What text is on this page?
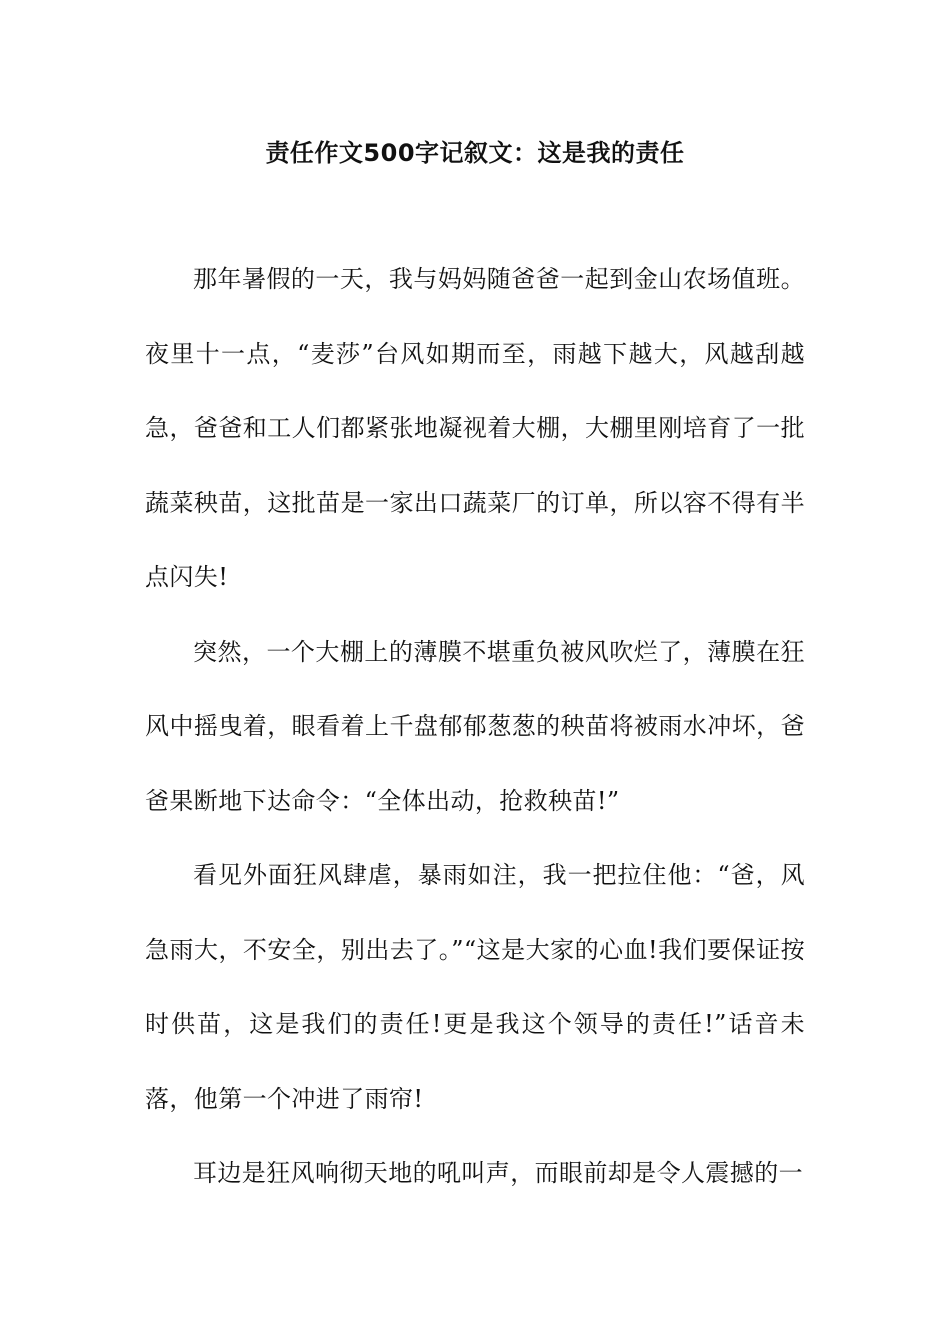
责任作文500字记叙文：这是我的责任

那年暑假的一天，我与妈妈随爸爸一起到金山农场值班。夜里十一点，“麦莎”台风如期而至，雨越下越大，风越刮越急，爸爸和工人们都紧张地凝视着大棚，大棚里刚培育了一批蔬菜秧苗，这批苗是一家出口蔬菜厂的订单，所以容不得有半点闪失!

突然，一个大棚上的薄膜不堪重负被风吹烂了，薄膜在狂风中摇曳着，眼看着上千盘郁郁葱葱的秧苗将被雨水冲坏，爸爸果断地下达命令：“全体出动，抢救秧苗!”

看见外面狂风肆虐，暴雨如注，我一把拉住他：“爸，风急雨大，不安全，别出去了。”“这是大家的心血!我们要保证按时供苗，这是我们的责任!更是我这个领导的责任!”话音未落，他第一个冲进了雨帘!

耳边是狂风响彻天地的吼叫声，而眼前却是令人震撼的一
